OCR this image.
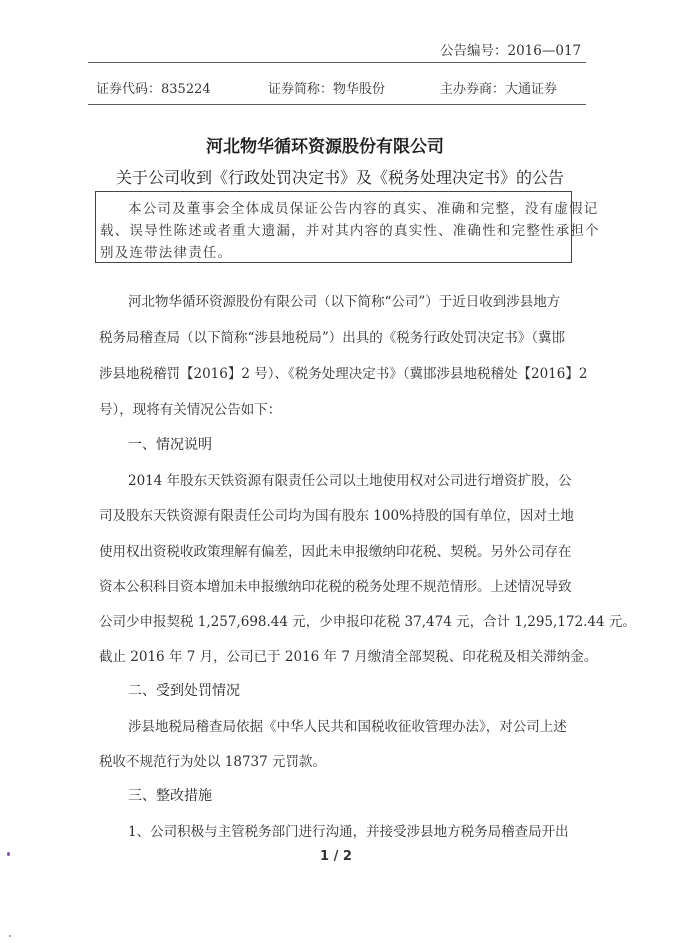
公告编号：2016—017
证券代码：835224	证券简称：物华股份	主办券商：大通证券
河北物华循环资源股份有限公司
关于公司收到《行政处罚决定书》及《税务处理决定书》的公告
本公司及董事会全体成员保证公告内容的真实、准确和完整，没有虚假记
载、误导性陈述或者重大遗漏，并对其内容的真实性、准确性和完整性承担个
别及连带法律责任。
河北物华循环资源股份有限公司（以下简称“公司”）于近日收到涉县地方
税务局稽查局（以下简称“涉县地税局”）出具的《税务行政处罚决定书》（冀邯
涉县地税稽罚【2016】2 号）、《税务处理决定书》（冀邯涉县地税稽处【2016】2
号），现将有关情况公告如下：
一、情况说明
2014 年股东天铁资源有限责任公司以土地使用权对公司进行增资扩股，公
司及股东天铁资源有限责任公司均为国有股东 100%持股的国有单位，因对土地
使用权出资税收政策理解有偏差，因此未申报缴纳印花税、契税。另外公司存在
资本公积科目资本增加未申报缴纳印花税的税务处理不规范情形。上述情况导致
公司少申报契税 1,257,698.44 元，少申报印花税 37,474 元，合计 1,295,172.44 元。
截止 2016 年 7 月，公司已于 2016 年 7 月缴清全部契税、印花税及相关滞纳金。
二、受到处罚情况
涉县地税局稽查局依据《中华人民共和国税收征收管理办法》，对公司上述
税收不规范行为处以 18737 元罚款。
三、整改措施
1、公司积极与主管税务部门进行沟通，并接受涉县地方税务局稽查局开出
1 / 2
